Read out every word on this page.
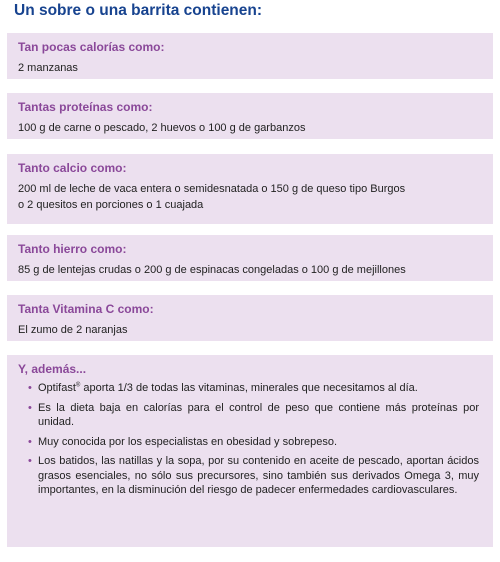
Un sobre o una barrita contienen:
Tan pocas calorías como:
2 manzanas
Tantas proteínas como:
100 g de carne o pescado, 2 huevos o 100 g de garbanzos
Tanto calcio como:
200 ml de leche de vaca entera o semidesnatada o 150 g de queso tipo Burgos
o 2 quesitos en porciones o 1 cuajada
Tanto hierro como:
85 g de lentejas crudas o 200 g de espinacas congeladas o 100 g de mejillones
Tanta Vitamina C como:
El zumo de 2 naranjas
Y, además...
• Optifast® aporta 1/3 de todas las vitaminas, minerales que necesitamos al día.
• Es la dieta baja en calorías para el control de peso que contiene más proteínas por unidad.
• Muy conocida por los especialistas en obesidad y sobrepeso.
• Los batidos, las natillas y la sopa, por su contenido en aceite de pescado, aportan ácidos grasos esenciales, no sólo sus precursores, sino también sus derivados Omega 3, muy importantes, en la disminución del riesgo de padecer enfermedades cardiovasculares.
